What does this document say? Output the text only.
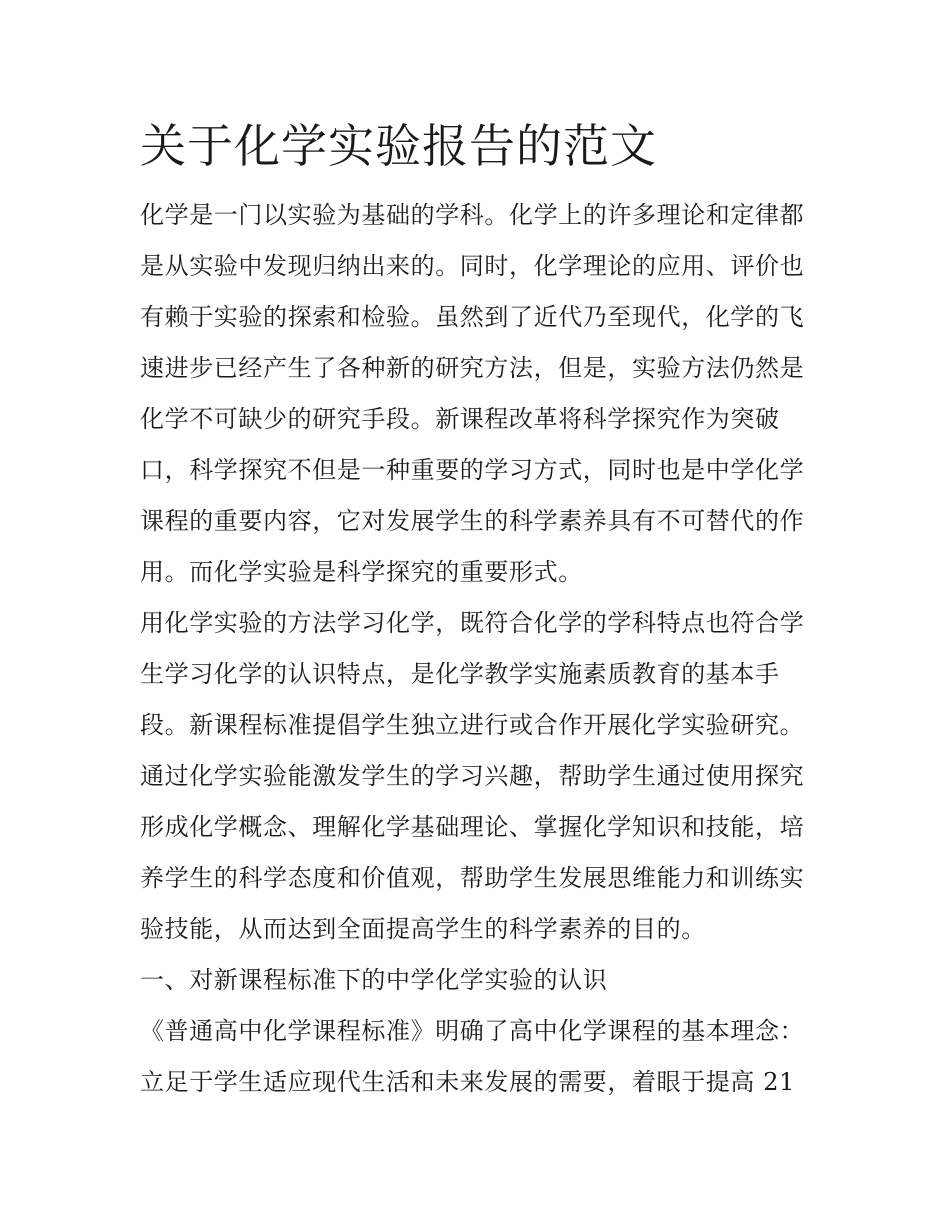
关于化学实验报告的范文
化学是一门以实验为基础的学科。化学上的许多理论和定律都
是从实验中发现归纳出来的。同时，化学理论的应用、评价也
有赖于实验的探索和检验。虽然到了近代乃至现代，化学的飞
速进步已经产生了各种新的研究方法，但是，实验方法仍然是
化学不可缺少的研究手段。新课程改革将科学探究作为突破
口，科学探究不但是一种重要的学习方式，同时也是中学化学
课程的重要内容，它对发展学生的科学素养具有不可替代的作
用。而化学实验是科学探究的重要形式。
用化学实验的方法学习化学，既符合化学的学科特点也符合学
生学习化学的认识特点，是化学教学实施素质教育的基本手
段。新课程标准提倡学生独立进行或合作开展化学实验研究。
通过化学实验能激发学生的学习兴趣，帮助学生通过使用探究
形成化学概念、理解化学基础理论、掌握化学知识和技能，培
养学生的科学态度和价值观，帮助学生发展思维能力和训练实
验技能，从而达到全面提高学生的科学素养的目的。
一、对新课程标准下的中学化学实验的认识
《普通高中化学课程标准》明确了高中化学课程的基本理念：
立足于学生适应现代生活和未来发展的需要，着眼于提高 21
